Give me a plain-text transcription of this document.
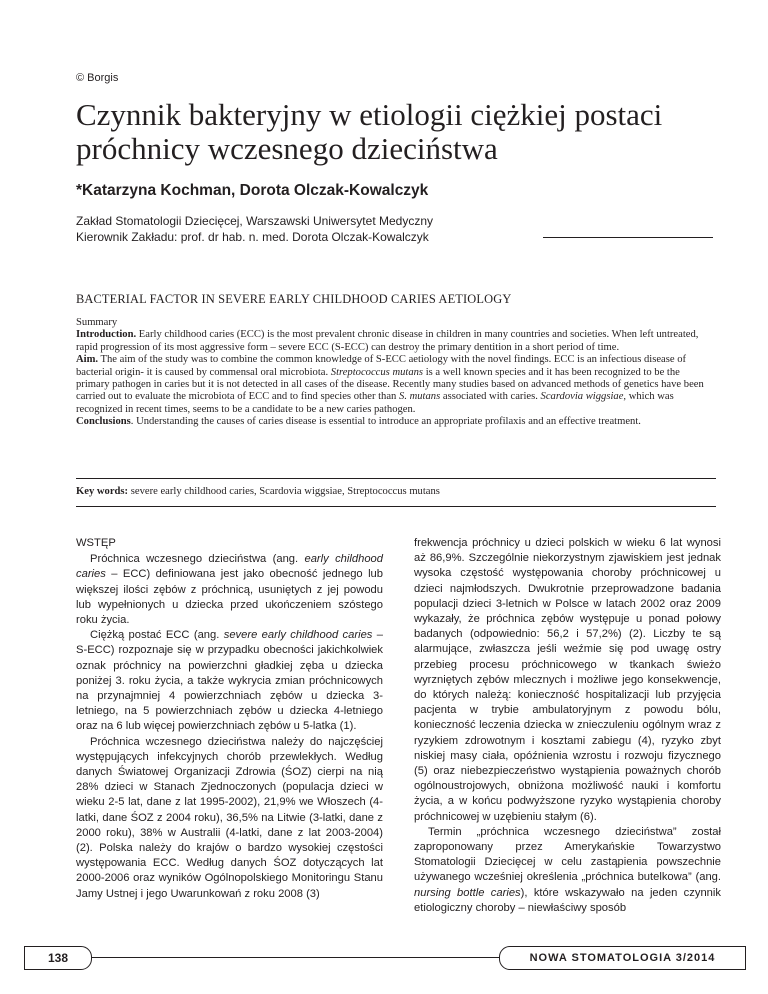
© Borgis
Czynnik bakteryjny w etiologii ciężkiej postaci próchnicy wczesnego dzieciństwa
*Katarzyna Kochman, Dorota Olczak-Kowalczyk
Zakład Stomatologii Dziecięcej, Warszawski Uniwersytet Medyczny
Kierownik Zakładu: prof. dr hab. n. med. Dorota Olczak-Kowalczyk
BACTERIAL FACTOR IN SEVERE EARLY CHILDHOOD CARIES AETIOLOGY

Summary

Introduction. Early childhood caries (ECC) is the most prevalent chronic disease in children in many countries and societies. When left untreated, rapid progression of its most aggressive form – severe ECC (S-ECC) can destroy the primary dentition in a short period of time.

Aim. The aim of the study was to combine the common knowledge of S-ECC aetiology with the novel findings. ECC is an infectious disease of bacterial origin- it is caused by commensal oral microbiota. Streptococcus mutans is a well known species and it has been recognized to be the primary pathogen in caries but it is not detected in all cases of the disease. Recently many studies based on advanced methods of genetics have been carried out to evaluate the microbiota of ECC and to find species other than S. mutans associated with caries. Scardovia wiggsiae, which was recognized in recent times, seems to be a candidate to be a new caries pathogen.

Conclusions. Understanding the causes of caries disease is essential to introduce an appropriate profilaxis and an effective treatment.

Key words: severe early childhood caries, Scardovia wiggsiae, Streptococcus mutans

WSTĘP

Próchnica wczesnego dzieciństwa (ang. early childhood caries – ECC) definiowana jest jako obecność jednego lub większej ilości zębów z próchnicą, usuniętych z jej powodu lub wypełnionych u dziecka przed ukończeniem szóstego roku życia.

Ciężką postać ECC (ang. severe early childhood caries – S-ECC) rozpoznaje się w przypadku obecności jakichkolwiek oznak próchnicy na powierzchni gładkiej zęba u dziecka poniżej 3. roku życia, a także wykrycia zmian próchnicowych na przynajmniej 4 powierzchniach zębów u dziecka 3-letniego, na 5 powierzchniach zębów u dziecka 4-letniego oraz na 6 lub więcej powierzchniach zębów u 5-latka (1).

Próchnica wczesnego dzieciństwa należy do najczęściej występujących infekcyjnych chorób przewlekłych. Według danych Światowej Organizacji Zdrowia (ŚOZ) cierpi na nią 28% dzieci w Stanach Zjednoczonych (populacja dzieci w wieku 2-5 lat, dane z lat 1995-2002), 21,9% we Włoszech (4-latki, dane ŚOZ z 2004 roku), 36,5% na Litwie (3-latki, dane z 2000 roku), 38% w Australii (4-latki, dane z lat 2003-2004) (2). Polska należy do krajów o bardzo wysokiej częstości występowania ECC. Według danych ŚOZ dotyczących lat 2000-2006 oraz wyników Ogólnopolskiego Monitoringu Stanu Jamy Ustnej i jego Uwarunkowań z roku 2008 (3)

frekwencja próchnicy u dzieci polskich w wieku 6 lat wynosi aż 86,9%. Szczególnie niekorzystnym zjawiskiem jest jednak wysoka częstość występowania choroby próchnicowej u dzieci najmłodszych. Dwukrotnie przeprowadzone badania populacji dzieci 3-letnich w Polsce w latach 2002 oraz 2009 wykazały, że próchnica zębów występuje u ponad połowy badanych (odpowiednio: 56,2 i 57,2%) (2). Liczby te są alarmujące, zwłaszcza jeśli weźmie się pod uwagę ostry przebieg procesu próchnicowego w tkankach świeżo wyrzniętych zębów mlecznych i możliwe jego konsekwencje, do których należą: konieczność hospitalizacji lub przyjęcia pacjenta w trybie ambulatoryjnym z powodu bólu, konieczność leczenia dziecka w znieczuleniu ogólnym wraz z ryzykiem zdrowotnym i kosztami zabiegu (4), ryzyko zbyt niskiej masy ciała, opóźnienia wzrostu i rozwoju fizycznego (5) oraz niebezpieczeństwo wystąpienia poważnych chorób ogólnoustrojowych, obniżona możliwość nauki i komfortu życia, a w końcu podwyższone ryzyko wystąpienia choroby próchnicowej w uzębieniu stałym (6).

Termin „próchnica wczesnego dzieciństwa” został zaproponowany przez Amerykańskie Towarzystwo Stomatologii Dziecięcej w celu zastąpienia powszechnie używanego wcześniej określenia „próchnica butelkowa” (ang. nursing bottle caries), które wskazywało na jeden czynnik etiologiczny choroby – niewłaściwy sposób

138	NOWA STOMATOLOGIA 3/2014
